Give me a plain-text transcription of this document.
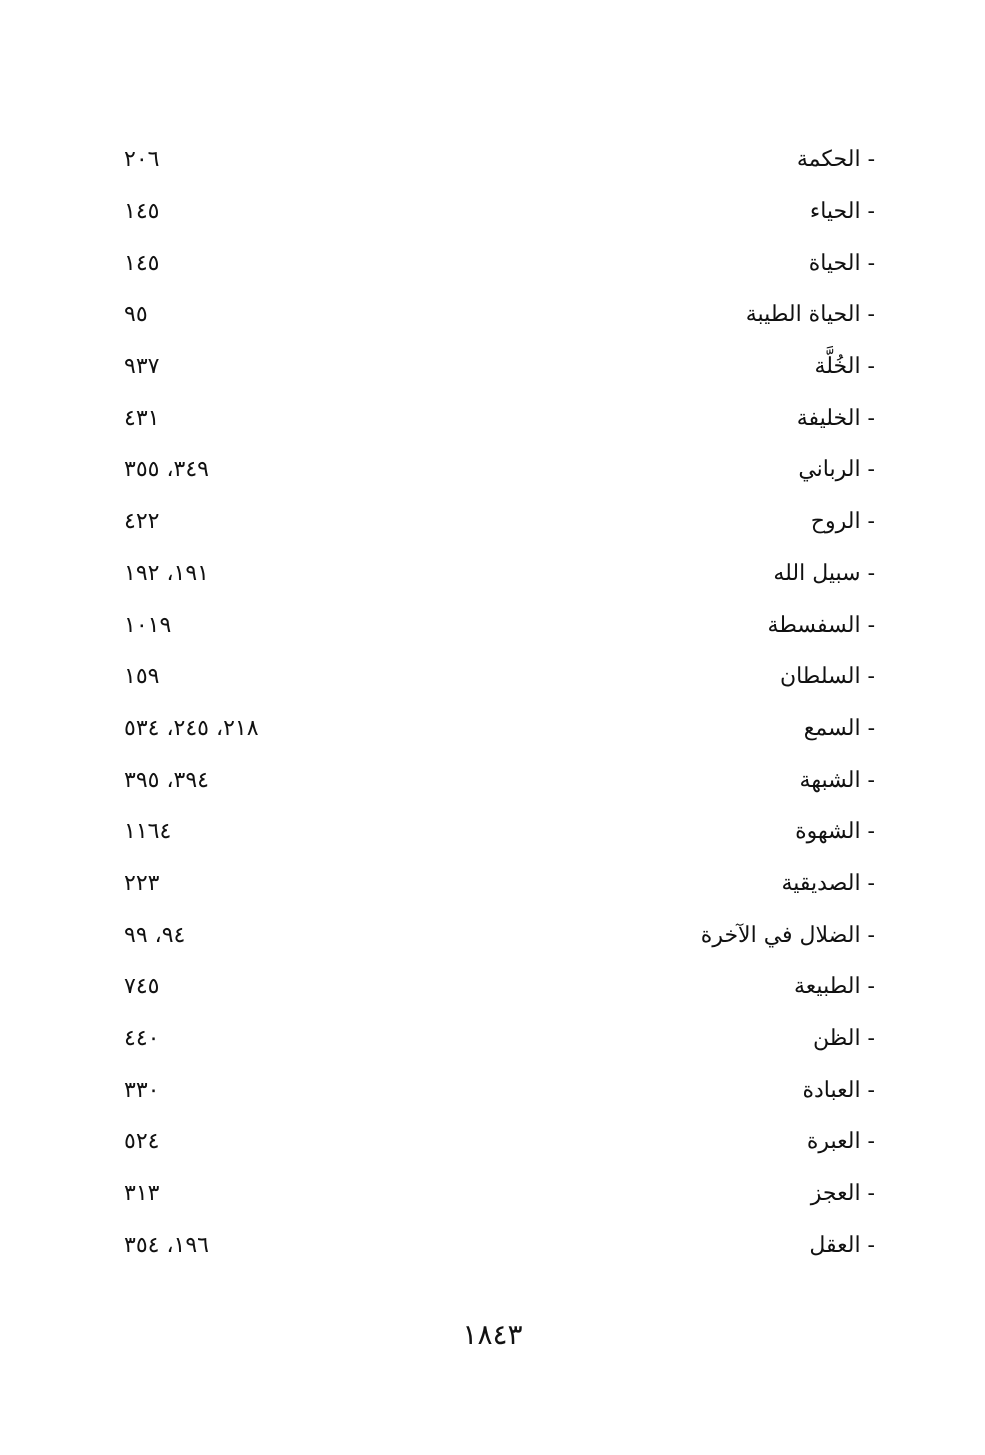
- الحكمة
٢٠٦
- الحياء
١٤٥
- الحياة
١٤٥
- الحياة الطيبة
٩٥
- الخُلَّة
٩٣٧
- الخليفة
٤٣١
- الرباني
٣٤٩، ٣٥٥
- الروح
٤٢٢
- سبيل الله
١٩١، ١٩٢
- السفسطة
١٠١٩
- السلطان
١٥٩
- السمع
٢١٨، ٢٤٥، ٥٣٤
- الشبهة
٣٩٤، ٣٩٥
- الشهوة
١١٦٤
- الصديقية
٢٢٣
- الضلال في الآخرة
٩٤، ٩٩
- الطبيعة
٧٤٥
- الظن
٤٤٠
- العبادة
٣٣٠
- العبرة
٥٢٤
- العجز
٣١٣
- العقل
١٩٦، ٣٥٤
١٨٤٣
